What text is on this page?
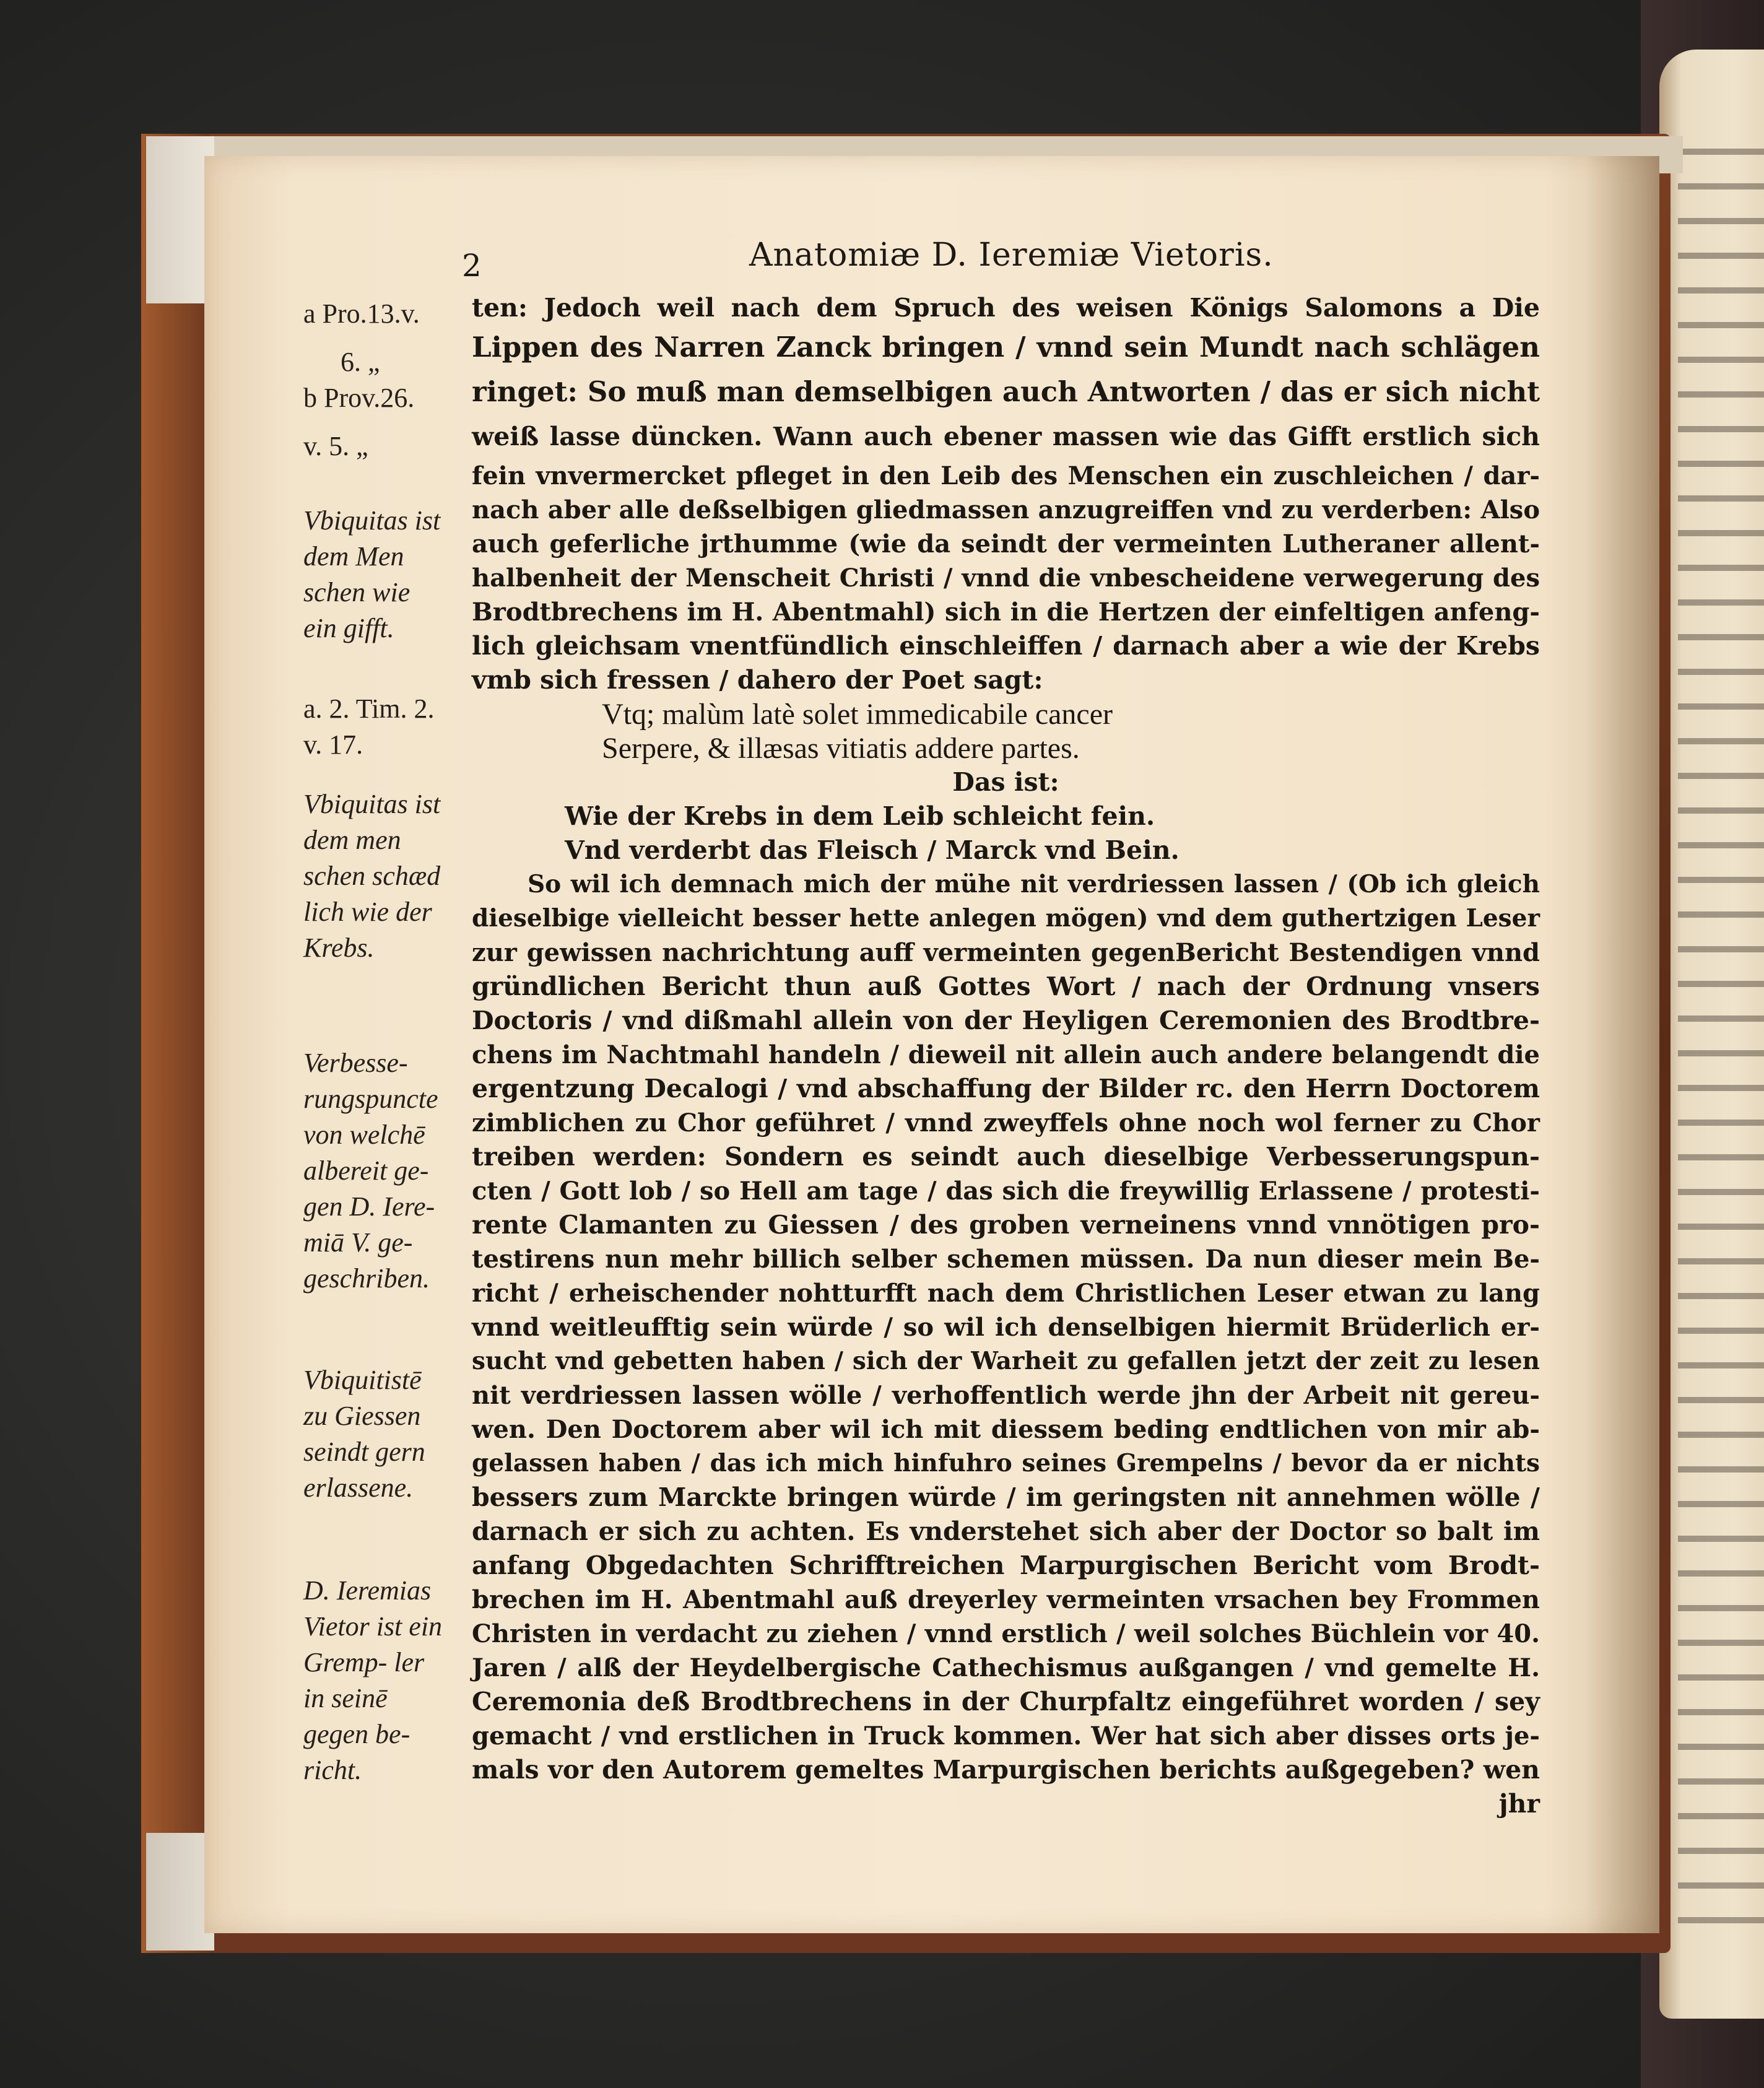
2	Anatomiæ D. Ieremiæ Vietoris.
a Pro.13.v.
6. „
b Prov.26.
v. 5. „
Vbiquitas ist dem Men schen wie ein gifft.
a. 2. Tim. 2. v. 17.
Vbiquitas ist dem men schen schæd lich wie der Krebs.
Verbesse- rungspuncte von welchē albereit ge- gen D. Iere- miā V. ge- geschriben.
Vbiquitistē zu Giessen seindt gern erlassene.
D. Ieremias Vietor ist ein Gremp- ler in seinē gegen be- richt.
ten: Jedoch weil nach dem Spruch des weisen Königs Salomons a Die
Lippen des Narren Zanck bringen / vnnd sein Mundt nach schlägen
ringet: So muß man demselbigen auch Antworten / das er sich nicht
weiß lasse düncken. Wann auch ebener massen wie das Gifft erstlich sich
fein vnvermercket pfleget in den Leib des Menschen ein zuschleichen / dar-
nach aber alle deßselbigen gliedmassen anzugreiffen vnd zu verderben: Also
auch geferliche jrthumme (wie da seindt der vermeinten Lutheraner allent-
halbenheit der Menscheit Christi / vnnd die vnbescheidene verwegerung des
Brodtbrechens im H. Abentmahl) sich in die Hertzen der einfeltigen anfeng-
lich gleichsam vnentfündlich einschleiffen / darnach aber a wie der Krebs
vmb sich fressen / dahero der Poet sagt:
Vtq; malùm latè solet immedicabile cancer
Serpere, & illæsas vitiatis addere partes.
Das ist:
Wie der Krebs in dem Leib schleicht fein.
Vnd verderbt das Fleisch / Marck vnd Bein.
So wil ich demnach mich der mühe nit verdriessen lassen / (Ob ich gleich
dieselbige vielleicht besser hette anlegen mögen) vnd dem guthertzigen Leser
zur gewissen nachrichtung auff vermeinten gegenBericht Bestendigen vnnd
gründlichen Bericht thun auß Gottes Wort / nach der Ordnung vnsers
Doctoris / vnd dißmahl allein von der Heyligen Ceremonien des Brodtbre-
chens im Nachtmahl handeln / dieweil nit allein auch andere belangendt die
ergentzung Decalogi / vnd abschaffung der Bilder rc. den Herrn Doctorem
zimblichen zu Chor geführet / vnnd zweyffels ohne noch wol ferner zu Chor
treiben werden: Sondern es seindt auch dieselbige Verbesserungspun-
cten / Gott lob / so Hell am tage / das sich die freywillig Erlassene / protesti-
rente Clamanten zu Giessen / des groben verneinens vnnd vnnötigen pro-
testirens nun mehr billich selber schemen müssen. Da nun dieser mein Be-
richt / erheischender nohtturfft nach dem Christlichen Leser etwan zu lang
vnnd weitleufftig sein würde / so wil ich denselbigen hiermit Brüderlich er-
sucht vnd gebetten haben / sich der Warheit zu gefallen jetzt der zeit zu lesen
nit verdriessen lassen wölle / verhoffentlich werde jhn der Arbeit nit gereu-
wen. Den Doctorem aber wil ich mit diessem beding endtlichen von mir ab-
gelassen haben / das ich mich hinfuhro seines Grempelns / bevor da er nichts
bessers zum Marckte bringen würde / im geringsten nit annehmen wölle /
darnach er sich zu achten. Es vnderstehet sich aber der Doctor so balt im
anfang Obgedachten Schrifftreichen Marpurgischen Bericht vom Brodt-
brechen im H. Abentmahl auß dreyerley vermeinten vrsachen bey Frommen
Christen in verdacht zu ziehen / vnnd erstlich / weil solches Büchlein vor 40.
Jaren / alß der Heydelbergische Cathechismus außgangen / vnd gemelte H.
Ceremonia deß Brodtbrechens in der Churpfaltz eingeführet worden / sey
gemacht / vnd erstlichen in Truck kommen. Wer hat sich aber disses orts je-
mals vor den Autorem gemeltes Marpurgischen berichts außgegeben? wen
jhr
